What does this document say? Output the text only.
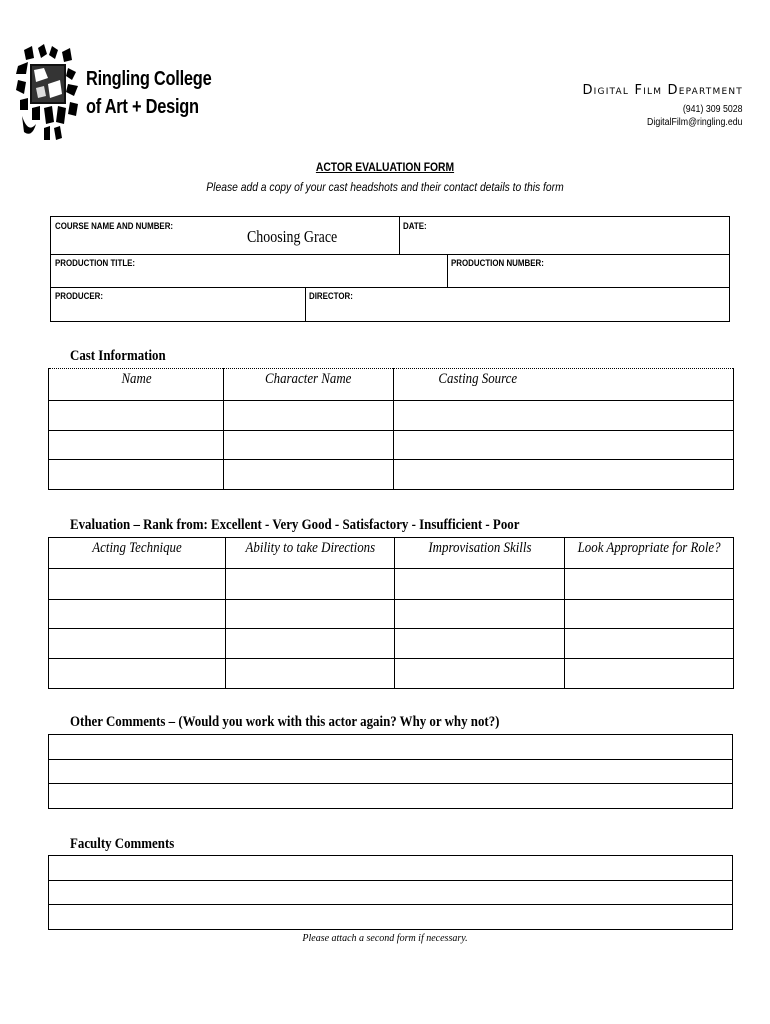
Ringling College
of Art + Design
Digital Film Department
(941) 309 5028
DigitalFilm@ringling.edu
ACTOR EVALUATION FORM
Please add a copy of your cast headshots and their contact details to this form
COURSE NAME AND NUMBER:
Choosing Grace
DATE:
PRODUCTION TITLE:	PRODUCTION NUMBER:
PRODUCER:	DIRECTOR:
Cast Information
Name	Character Name	Casting Source

Evaluation – Rank from: Excellent - Very Good - Satisfactory - Insufficient - Poor
Acting Technique	Ability to take Directions	Improvisation Skills	Look Appropriate for Role?

Other Comments – (Would you work with this actor again? Why or why not?)

Faculty Comments

Please attach a second form if necessary.
